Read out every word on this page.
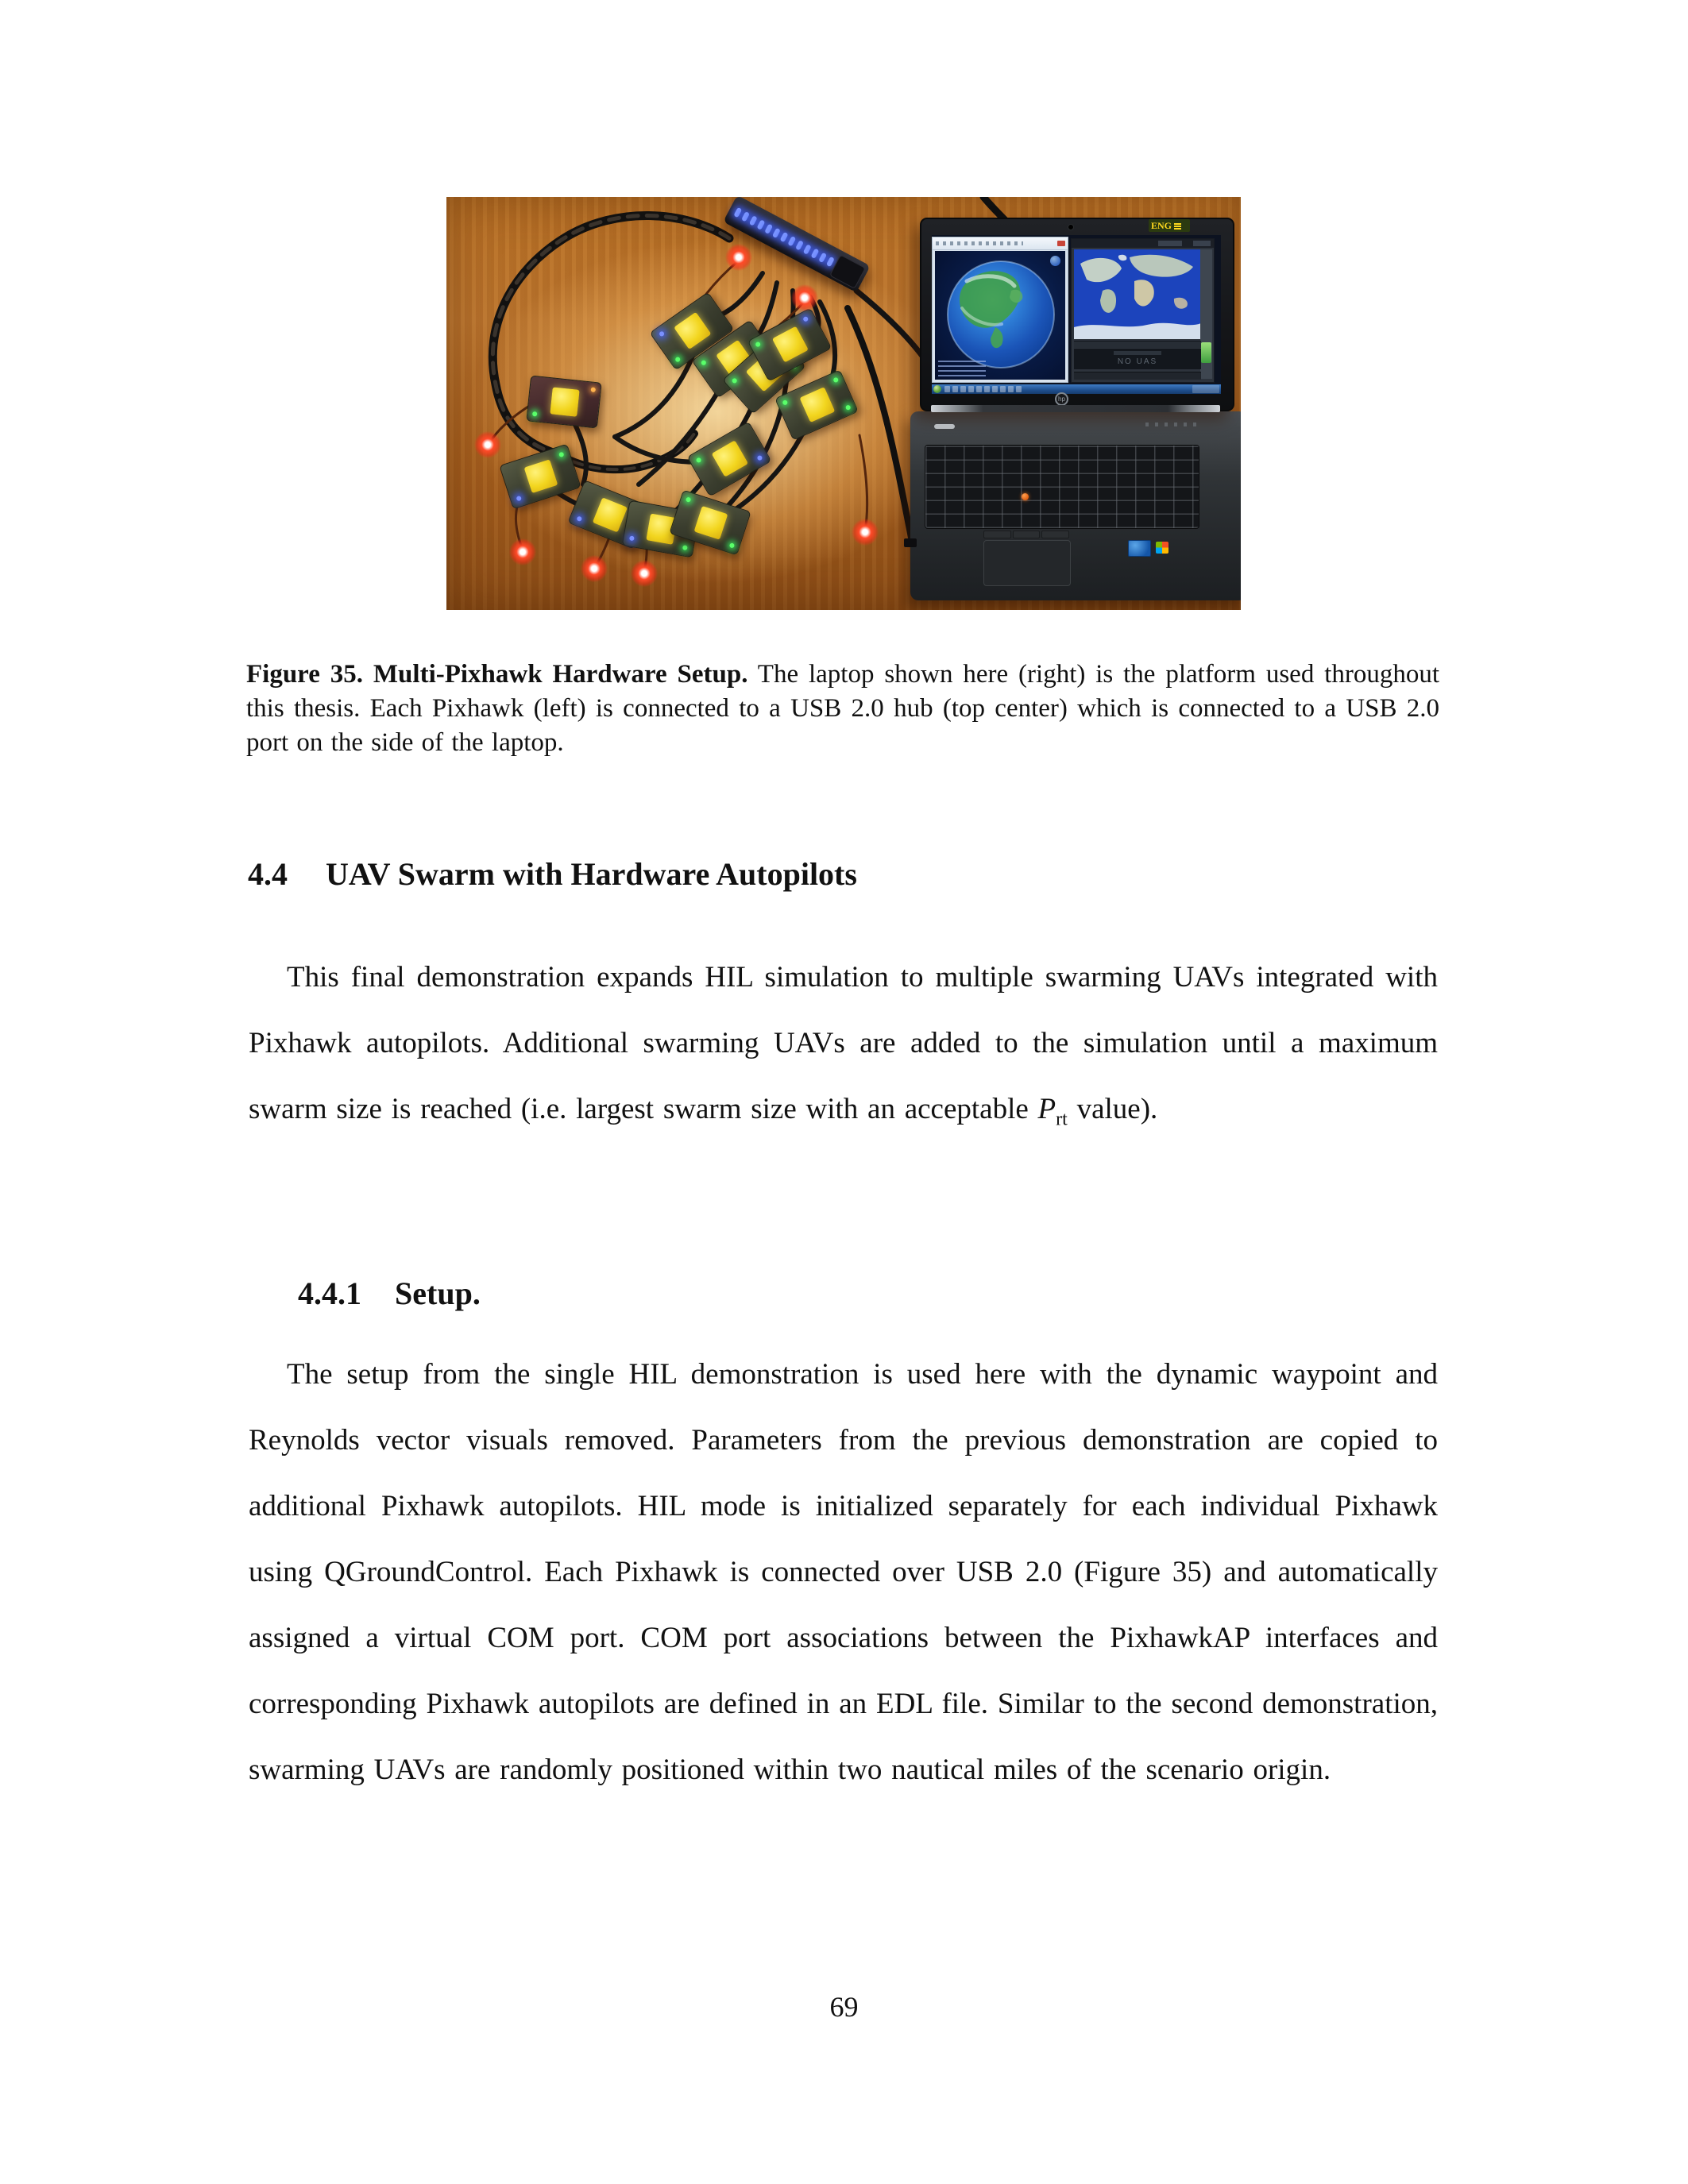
ENG
NO UAS
hp

Figure 35. Multi-Pixhawk Hardware Setup. The laptop shown here (right) is the platform used throughout this thesis. Each Pixhawk (left) is connected to a USB 2.0 hub (top center) which is connected to a USB 2.0 port on the side of the laptop.

4.4 UAV Swarm with Hardware Autopilots

This final demonstration expands HIL simulation to multiple swarming UAVs integrated with Pixhawk autopilots. Additional swarming UAVs are added to the simulation until a maximum swarm size is reached (i.e. largest swarm size with an acceptable $P_{rt}$ value).

4.4.1 Setup.

The setup from the single HIL demonstration is used here with the dynamic waypoint and Reynolds vector visuals removed. Parameters from the previous demonstration are copied to additional Pixhawk autopilots. HIL mode is initialized separately for each individual Pixhawk using QGroundControl. Each Pixhawk is connected over USB 2.0 (Figure 35) and automatically assigned a virtual COM port. COM port associations between the PixhawkAP interfaces and corresponding Pixhawk autopilots are defined in an EDL file. Similar to the second demonstration, swarming UAVs are randomly positioned within two nautical miles of the scenario origin.

69
